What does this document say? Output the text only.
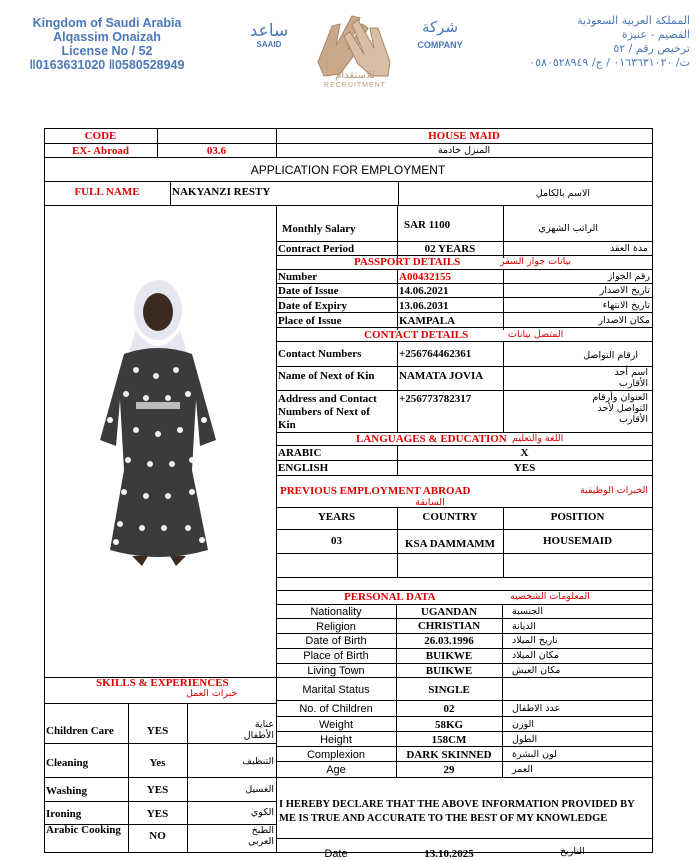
Kingdom of Saudi Arabia
Alqassim Onaizah
License No / 52
‖0163631020 ‖0580528949
ساعد
SAAID
شركة
COMPANY
للاستقدام
RECRUITMENT
المملكة العربية السعودية
القصيم - عنيزة
ترخيص رقم / ٥٢
ت/ ٠١٦٣٦٣١٠٢٠ / ج/ ٠٥٨٠٥٢٨٩٤٩
CODE
EX- Abroad	03.6
HOUSE MAID
المنزل خادمة
APPLICATION FOR EMPLOYMENT
FULL NAME	NAKYANZI RESTY	الاسم بالكامل
Monthly Salary	SAR 1100	الراتب الشهري
Contract Period	02 YEARS	مدة العقد
PASSPORT DETAILS	بيانات جواز السفر
Number	A00432155	رقم الجواز
Date of Issue	14.06.2021	تاريخ الاصدار
Date of Expiry	13.06.2031	تاريخ الانتهاء
Place of Issue	KAMPALA	مكان الاصدار
CONTACT DETAILS	المتصل بيانات
Contact Numbers	+256764462361	ارقام التواصل
Name of Next of Kin NAMATA JOVIA	اسم أحد
الأقارب
Address and Contact
Numbers of Next of
Kin
+256773782317	العنوان وأرقام
التواصل لأحد
الأقارب
LANGUAGES & EDUCATION اللغة والتعليم
ARABIC	X
ENGLISH	YES
PREVIOUS EMPLOYMENT ABROAD
السابقة
الخبرات الوظيفية
YEARS	COUNTRY	POSITION
03	KSA DAMMAMM	HOUSEMAID
PERSONAL DATA	المعلومات الشخصيه
Nationality	UGANDAN	الجنسية
Religion	CHRISTIAN	الديانة
Date of Birth	26.03.1996	تاريخ الميلاد
Place of Birth	BUIKWE	مكان الميلاد
Living Town	BUIKWE	مكان العيش
Marital Status	SINGLE
No. of Children	02	عدد الاطفال
Weight	58KG	الوزن
Height	158CM	الطول
Complexion	DARK SKINNED	لون البشرة
Age	29	العمر
SKILLS & EXPERIENCES
خبرات العمل
Children Care	YES
عناية
الأطفال
Cleaning	Yes	التنظيف
Washing	YES	الغسيل
Ironing	YES	الكوي
Arabic Cooking	NO	الطبخ
العربي
I HEREBY DECLARE THAT THE ABOVE INFORMATION PROVIDED BY
ME IS TRUE AND ACCURATE TO THE BEST OF MY KNOWLEDGE
Date	13.10.2025	التاريخ
